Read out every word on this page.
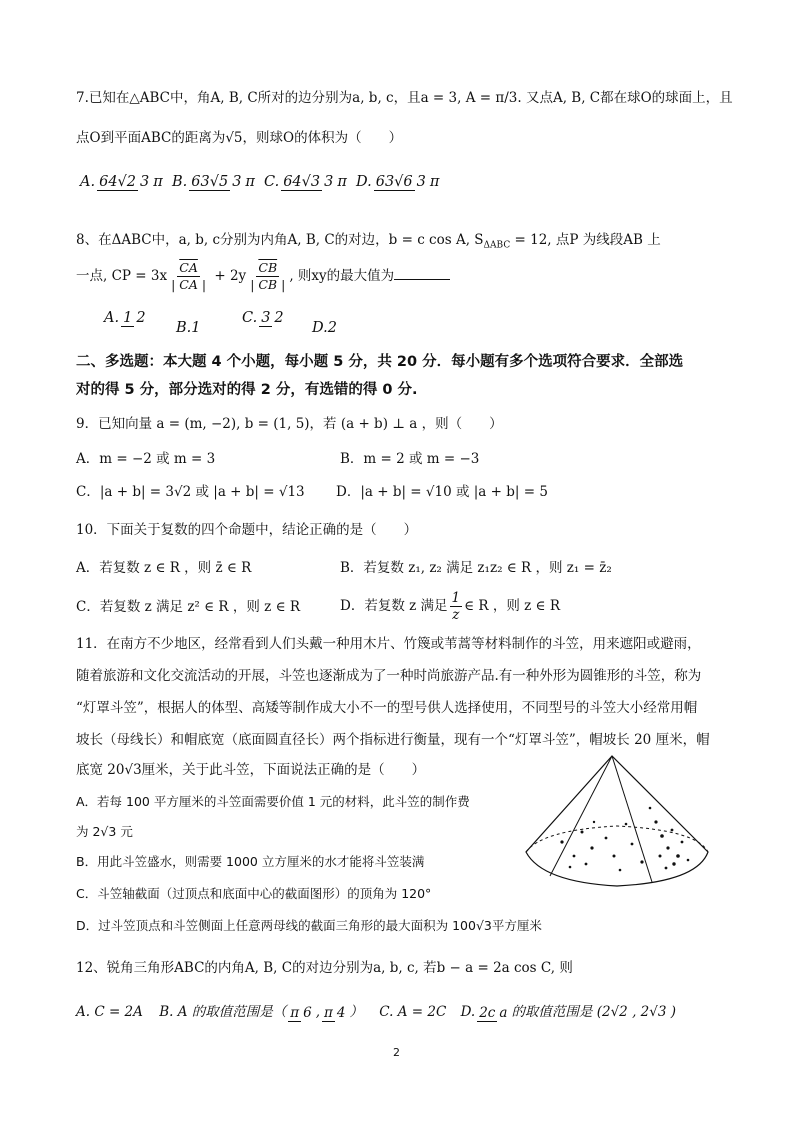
7.已知在△ABC中，角A, B, C所对的边分别为a, b, c，且a = 3, A = π/3. 又点A, B, C都在球O的球面上，且
点O到平面ABC的距离为√5，则球O的体积为（　　）
A. 64√2 3 π B. 63√5 3 π C. 64√3 3 π D. 63√6 3 π
8、在ΔABC中，a, b, c分别为内角A, B, C的对边，b = c cos A, $S_{\Delta ABC} = 12$, 点P 为线段AB 上
一点, CP = $3x \frac{\overline{CA}}{| CA |} + 2y \frac{\overline{CB}}{| CB |}$ , 则xy的最大值为
A. 1 2
B.1
C. 3 2
D.2
二、多选题：本大题 4 个小题，每小题 5 分，共 20 分．每小题有多个选项符合要求．全部选
对的得 5 分，部分选对的得 2 分，有选错的得 0 分.
9．已知向量 a = (m, −2), b = (1, 5)，若 (a + b) ⊥ a ，则（　　）
A．m = −2 或 m = 3	B．m = 2 或 m = −3
C．|a + b| = 3√2 或 |a + b| = √13 D．|a + b| = √10 或 |a + b| = 5
10．下面关于复数的四个命题中，结论正确的是（　　）
A．若复数 z ∈ R ，则 z̄ ∈ R	B．若复数 z₁, z₂ 满足 z₁z₂ ∈ R ，则 z₁ = z̄₂
C．若复数 z 满足 z² ∈ R ，则 z ∈ R	D．若复数 z 满足 $\frac{1}{z}$ ∈ R ，则 z ∈ R
11．在南方不少地区，经常看到人们头戴一种用木片、竹篾或苇蒿等材料制作的斗笠，用来遮阳或避雨，
随着旅游和文化交流活动的开展，斗笠也逐渐成为了一种时尚旅游产品.有一种外形为圆锥形的斗笠，称为
“灯罩斗笠”，根据人的体型、高矮等制作成大小不一的型号供人选择使用，不同型号的斗笠大小经常用帽
坡长（母线长）和帽底宽（底面圆直径长）两个指标进行衡量，现有一个“灯罩斗笠”，帽坡长 20 厘米，帽
底宽 20√3厘米，关于此斗笠，下面说法正确的是（　　）
A．若每 100 平方厘米的斗笠面需要价值 1 元的材料，此斗笠的制作费
为 2√3 元
B．用此斗笠盛水，则需要 1000 立方厘米的水才能将斗笠装满
C．斗笠轴截面（过顶点和底面中心的截面图形）的顶角为 120°
D．过斗笠顶点和斗笠侧面上任意两母线的截面三角形的最大面积为 100√3平方厘米
12、锐角三角形ABC的内角A, B, C的对边分别为a, b, c, 若b − a = 2a cos C, 则
A. C = 2A B. A 的取值范围是（ π 6 , π 4 ） C. A = 2C D. 2c a 的取值范围是 (2√2 , 2√3 )
2
